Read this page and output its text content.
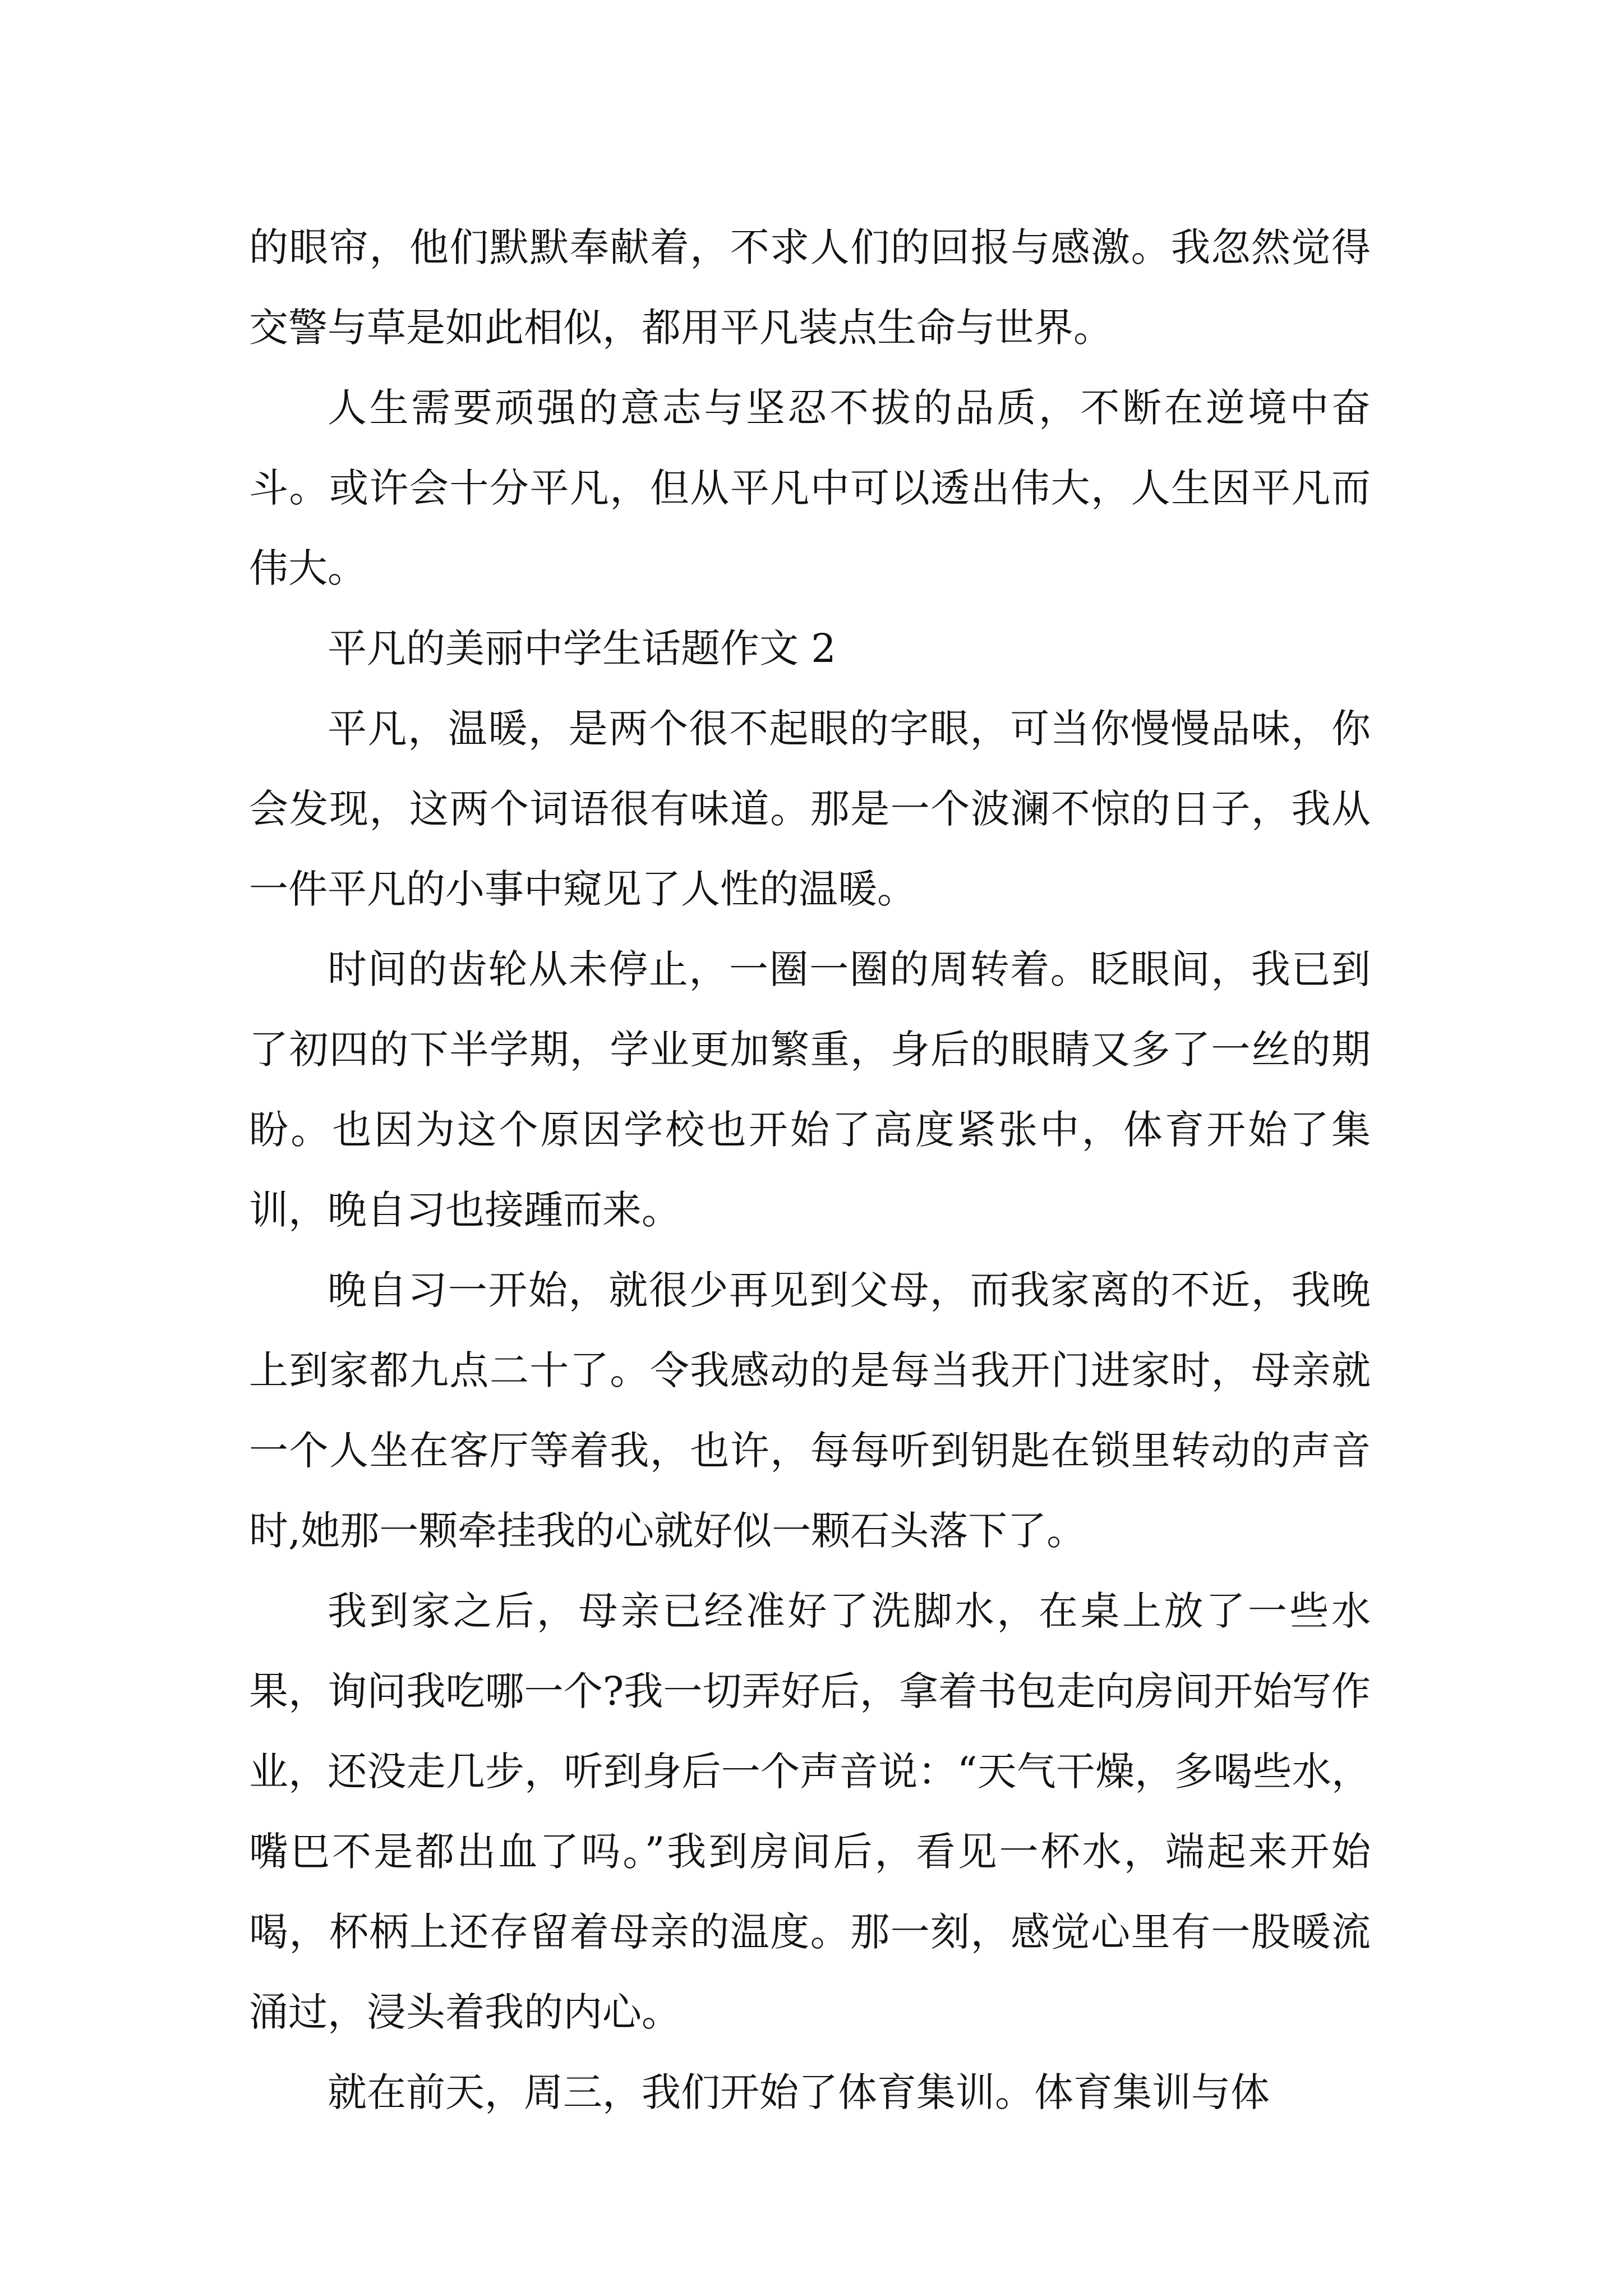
的眼帘，他们默默奉献着，不求人们的回报与感激。我忽然觉得交警与草是如此相似，都用平凡装点生命与世界。

人生需要顽强的意志与坚忍不拔的品质，不断在逆境中奋斗。或许会十分平凡，但从平凡中可以透出伟大，人生因平凡而伟大。

平凡的美丽中学生话题作文 2

平凡，温暖，是两个很不起眼的字眼，可当你慢慢品味，你会发现，这两个词语很有味道。那是一个波澜不惊的日子，我从一件平凡的小事中窥见了人性的温暖。

时间的齿轮从未停止，一圈一圈的周转着。眨眼间，我已到了初四的下半学期，学业更加繁重，身后的眼睛又多了一丝的期盼。也因为这个原因学校也开始了高度紧张中，体育开始了集训，晚自习也接踵而来。

晚自习一开始，就很少再见到父母，而我家离的不近，我晚上到家都九点二十了。令我感动的是每当我开门进家时，母亲就一个人坐在客厅等着我，也许，每每听到钥匙在锁里转动的声音时,她那一颗牵挂我的心就好似一颗石头落下了。

我到家之后，母亲已经准好了洗脚水，在桌上放了一些水果，询问我吃哪一个?我一切弄好后，拿着书包走向房间开始写作业，还没走几步，听到身后一个声音说：“天气干燥，多喝些水，嘴巴不是都出血了吗。”我到房间后，看见一杯水，端起来开始喝，杯柄上还存留着母亲的温度。那一刻，感觉心里有一股暖流涌过，浸头着我的内心。

就在前天，周三，我们开始了体育集训。体育集训与体
